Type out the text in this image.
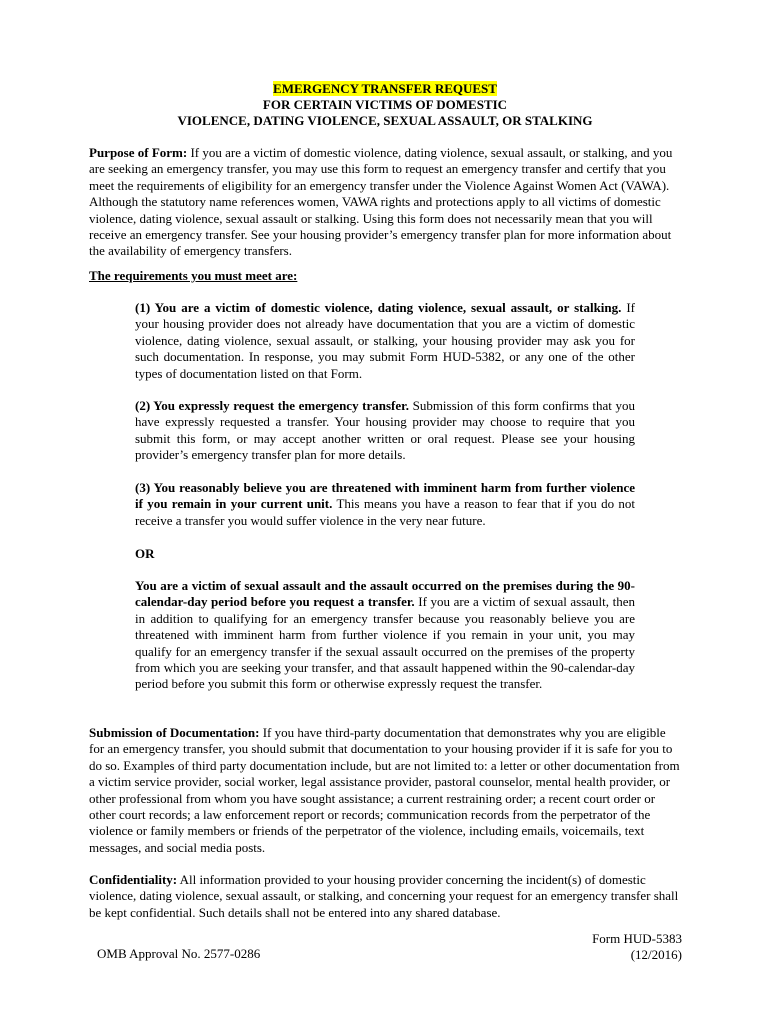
EMERGENCY TRANSFER REQUEST
FOR CERTAIN VICTIMS OF DOMESTIC
VIOLENCE, DATING VIOLENCE, SEXUAL ASSAULT, OR STALKING
Purpose of Form: If you are a victim of domestic violence, dating violence, sexual assault, or stalking, and you are seeking an emergency transfer, you may use this form to request an emergency transfer and certify that you meet the requirements of eligibility for an emergency transfer under the Violence Against Women Act (VAWA). Although the statutory name references women, VAWA rights and protections apply to all victims of domestic violence, dating violence, sexual assault or stalking. Using this form does not necessarily mean that you will receive an emergency transfer. See your housing provider’s emergency transfer plan for more information about the availability of emergency transfers.
The requirements you must meet are:
(1) You are a victim of domestic violence, dating violence, sexual assault, or stalking. If your housing provider does not already have documentation that you are a victim of domestic violence, dating violence, sexual assault, or stalking, your housing provider may ask you for such documentation. In response, you may submit Form HUD-5382, or any one of the other types of documentation listed on that Form.
(2) You expressly request the emergency transfer. Submission of this form confirms that you have expressly requested a transfer. Your housing provider may choose to require that you submit this form, or may accept another written or oral request. Please see your housing provider’s emergency transfer plan for more details.
(3) You reasonably believe you are threatened with imminent harm from further violence if you remain in your current unit. This means you have a reason to fear that if you do not receive a transfer you would suffer violence in the very near future.
OR
You are a victim of sexual assault and the assault occurred on the premises during the 90-calendar-day period before you request a transfer. If you are a victim of sexual assault, then in addition to qualifying for an emergency transfer because you reasonably believe you are threatened with imminent harm from further violence if you remain in your unit, you may qualify for an emergency transfer if the sexual assault occurred on the premises of the property from which you are seeking your transfer, and that assault happened within the 90-calendar-day period before you submit this form or otherwise expressly request the transfer.
Submission of Documentation: If you have third-party documentation that demonstrates why you are eligible for an emergency transfer, you should submit that documentation to your housing provider if it is safe for you to do so. Examples of third party documentation include, but are not limited to: a letter or other documentation from a victim service provider, social worker, legal assistance provider, pastoral counselor, mental health provider, or other professional from whom you have sought assistance; a current restraining order; a recent court order or other court records; a law enforcement report or records; communication records from the perpetrator of the violence or family members or friends of the perpetrator of the violence, including emails, voicemails, text messages, and social media posts.
Confidentiality: All information provided to your housing provider concerning the incident(s) of domestic violence, dating violence, sexual assault, or stalking, and concerning your request for an emergency transfer shall be kept confidential. Such details shall not be entered into any shared database.
OMB Approval No. 2577-0286
Form HUD-5383
(12/2016)
